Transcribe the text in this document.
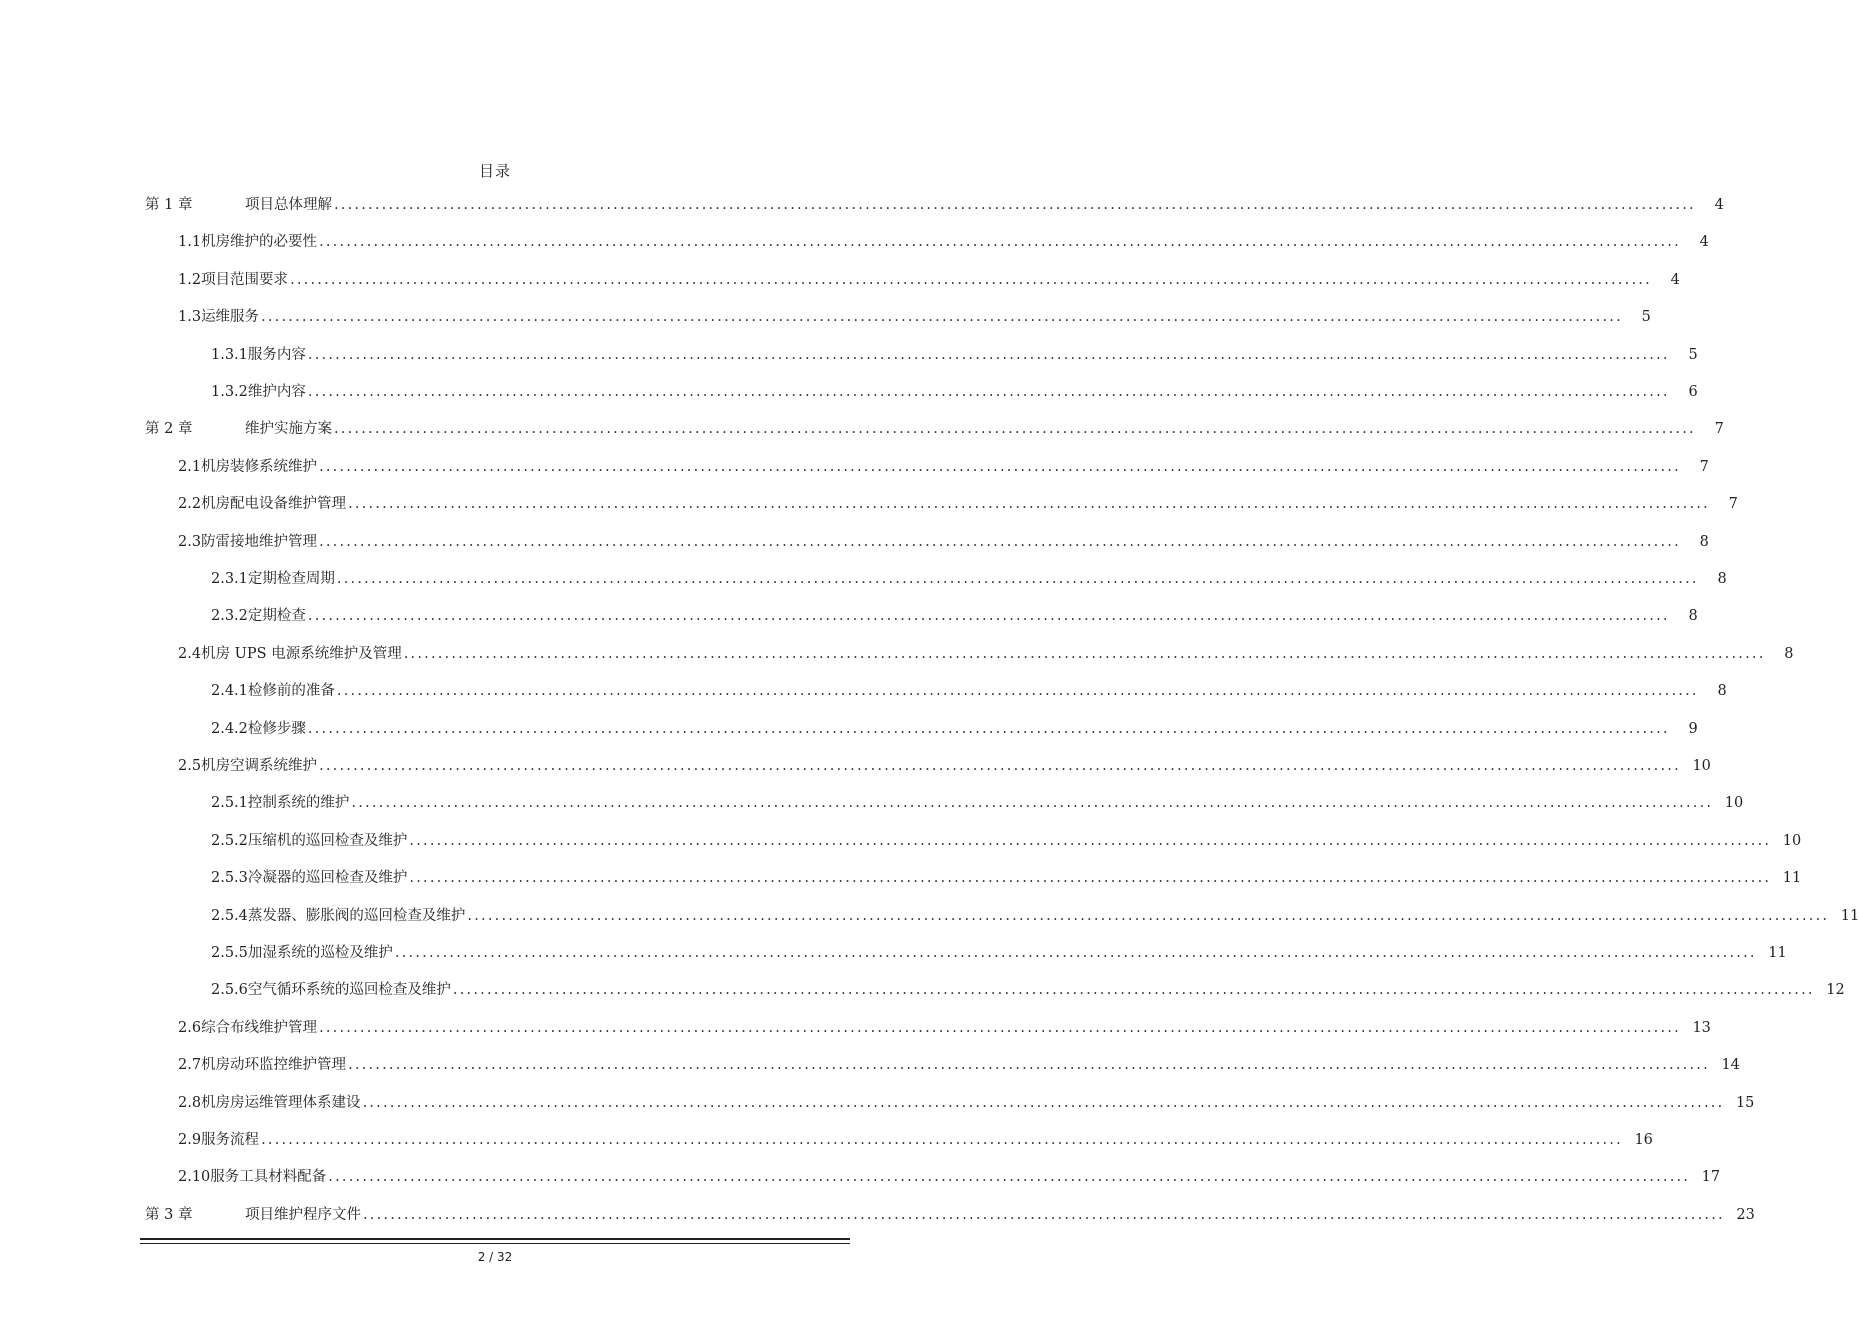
目录
第 1 章	项目总体理解 ........................................................................................................................................................................................................	4
1.1 机房维护的必要性 ........................................................................................................................................................................................................	4
1.2 项目范围要求 ........................................................................................................................................................................................................	4
1.3 运维服务 ........................................................................................................................................................................................................	5
1.3.1 服务内容 ........................................................................................................................................................................................................	5
1.3.2 维护内容 ........................................................................................................................................................................................................	6
第 2 章	维护实施方案 ........................................................................................................................................................................................................	7
2.1 机房装修系统维护 ........................................................................................................................................................................................................	7
2.2 机房配电设备维护管理 ........................................................................................................................................................................................................	7
2.3 防雷接地维护管理 ........................................................................................................................................................................................................	8
2.3.1 定期检查周期 ........................................................................................................................................................................................................	8
2.3.2 定期检查 ........................................................................................................................................................................................................	8
2.4 机房 UPS 电源系统维护及管理 ........................................................................................................................................................................................................	8
2.4.1 检修前的准备 ........................................................................................................................................................................................................	8
2.4.2 检修步骤 ........................................................................................................................................................................................................	9
2.5 机房空调系统维护 ........................................................................................................................................................................................................ 10
2.5.1 控制系统的维护 ........................................................................................................................................................................................................ 10
2.5.2 压缩机的巡回检查及维护 ........................................................................................................................................................................................................ 10
2.5.3 冷凝器的巡回检查及维护 ........................................................................................................................................................................................................ 11
2.5.4 蒸发器、膨胀阀的巡回检查及维护 ........................................................................................................................................................................................................ 11
2.5.5 加湿系统的巡检及维护 ........................................................................................................................................................................................................ 11
2.5.6 空气循环系统的巡回检查及维护 ........................................................................................................................................................................................................ 12
2.6 综合布线维护管理 ........................................................................................................................................................................................................ 13
2.7 机房动环监控维护管理 ........................................................................................................................................................................................................ 14
2.8 机房房运维管理体系建设 ........................................................................................................................................................................................................ 15
2.9 服务流程 ........................................................................................................................................................................................................ 16
2.10 服务工具材料配备 ........................................................................................................................................................................................................ 17
第 3 章	项目维护程序文件 ........................................................................................................................................................................................................ 23
2 / 32
